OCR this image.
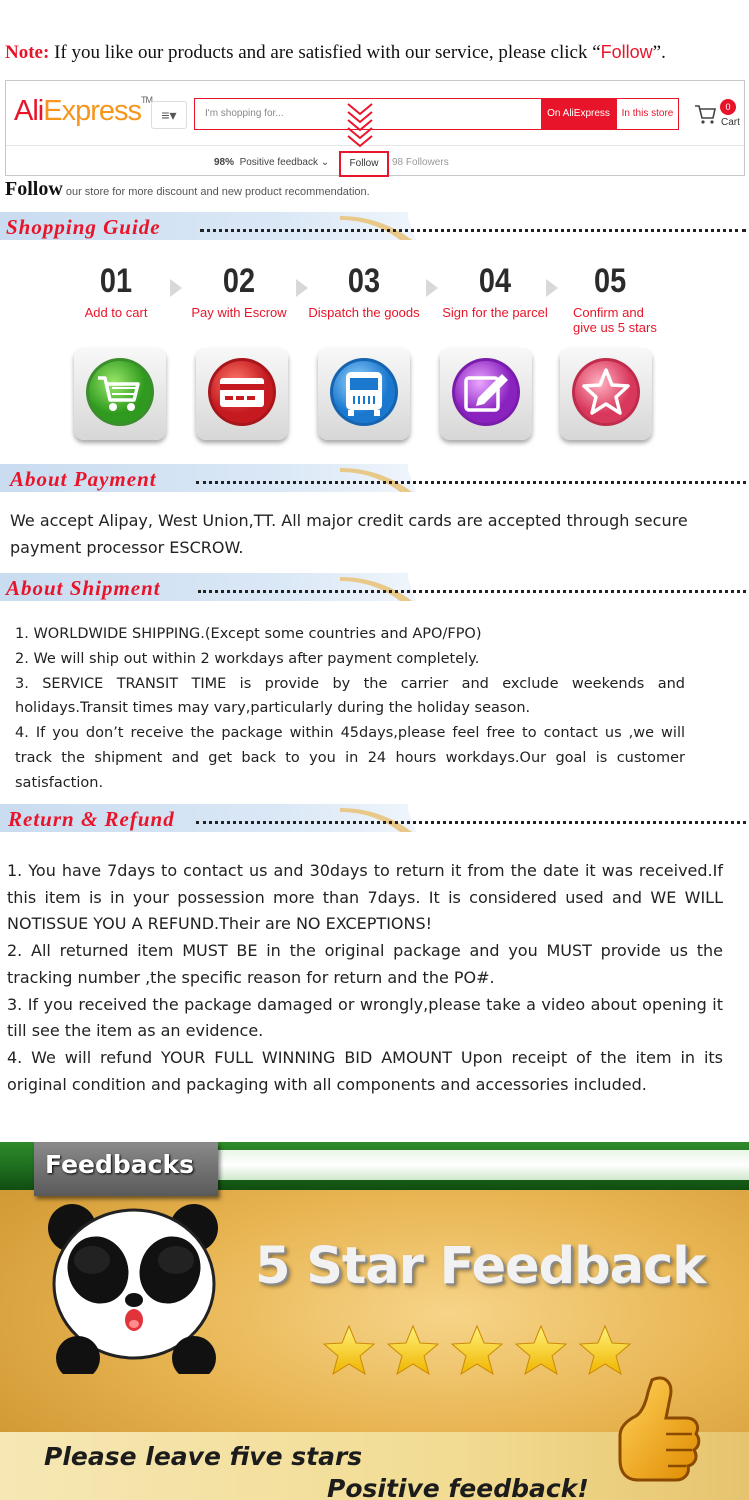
Note: If you like our products and are satisfied with our service, please click “Follow”.
AliExpress™
≡▾	I'm shopping for...	On AliExpress	In this store
0
Cart
98% Positive feedback ⌄	Follow	98 Followers
Follow our store for more discount and new product recommendation.
Shopping Guide
01
Add to cart
02
Pay with Escrow
03
Dispatch the goods
04
Sign for the parcel
05
Confirm and
give us 5 stars
About Payment
We accept Alipay, West Union,TT. All major credit cards are accepted through secure payment processor ESCROW.
About Shipment

1. WORLDWIDE SHIPPING.(Except some countries and APO/FPO)

2. We will ship out within 2 workdays after payment completely.

3. SERVICE TRANSIT TIME is provide by the carrier and exclude weekends and holidays.Transit times may vary,particularly during the holiday season.

4. If you don’t receive the package within 45days,please feel free to contact us ,we will track the shipment and get back to you in 24 hours workdays.Our goal is customer satisfaction.

Return & Refund

1. You have 7days to contact us and 30days to return it from the date it was received.If this item is in your possession more than 7days. It is considered used and WE WILL NOTISSUE YOU A REFUND.Their are NO EXCEPTIONS!

2. All returned item MUST BE in the original package and you MUST provide us the tracking number ,the specific reason for return and the PO#.

3. If you received the package damaged or wrongly,please take a video about opening it till see the item as an evidence.

4. We will refund YOUR FULL WINNING BID AMOUNT Upon receipt of the item in its original condition and packaging with all components and accessories included.

Feedbacks
5 Star Feedback
Please leave five stars
Positive feedback!
